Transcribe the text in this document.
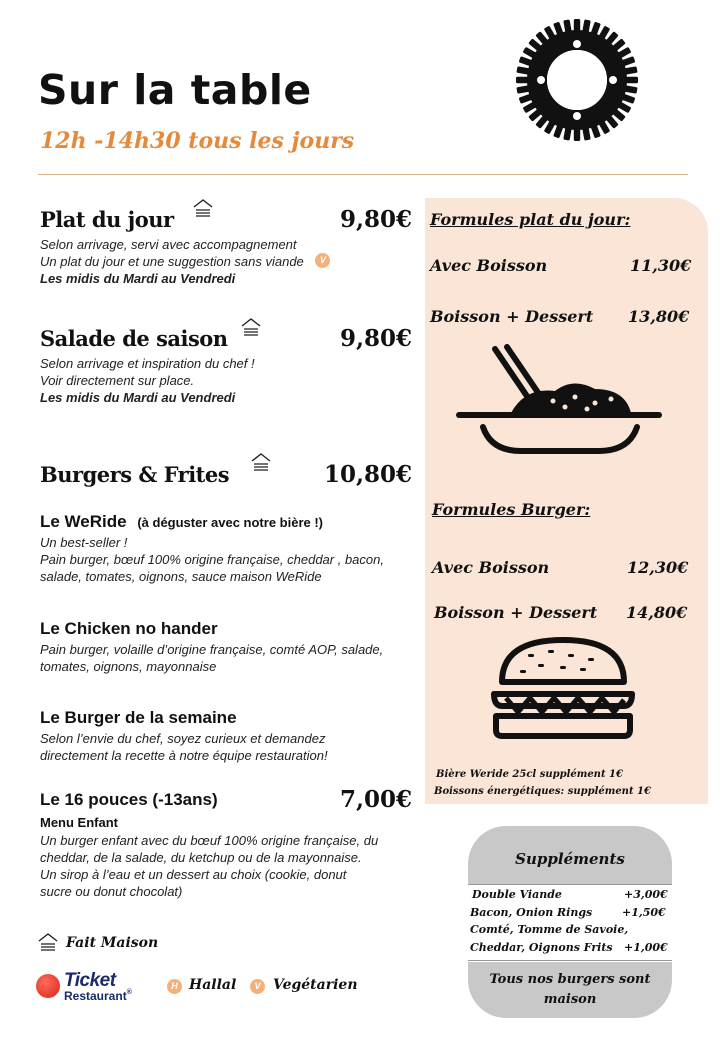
Sur la table
12h -14h30 tous les jours
Plat du jour	9,80€
Selon arrivage, servi avec accompagnement
Un plat du jour et une suggestion sans viande V
Les midis du Mardi au Vendredi
Salade de saison	9,80€
Selon arrivage et inspiration du chef !
Voir directement sur place.
Les midis du Mardi au Vendredi
Burgers & Frites	10,80€
Le WeRide (à déguster avec notre bière !)
Un best-seller !
Pain burger, bœuf 100% origine française, cheddar , bacon,
salade, tomates, oignons, sauce maison WeRide
Le Chicken no hander
Pain burger, volaille d’origine française, comté AOP, salade,
tomates, oignons, mayonnaise
Le Burger de la semaine
Selon l’envie du chef, soyez curieux et demandez
directement la recette à notre équipe restauration!
Le 16 pouces (-13ans)	7,00€
Menu Enfant
Un burger enfant avec du bœuf 100% origine française, du
cheddar, de la salade, du ketchup ou de la mayonnaise.
Un sirop à l’eau et un dessert au choix (cookie, donut
sucre ou donut chocolat)
Fait Maison
Ticket
Restaurant®
H Hallal	V Vegétarien
Formules plat du jour:
Avec Boisson	11,30€
Boisson + Dessert 13,80€
Formules Burger:
Avec Boisson	12,30€
Boisson + Dessert 14,80€
Bière Weride 25cl supplément 1€
Boissons énergétiques: supplément 1€
Suppléments
Double Viande	+3,00€
Bacon, Onion Rings	+1,50€
Comté, Tomme de Savoie,
Cheddar, Oignons Frits +1,00€
Tous nos burgers sont
maison
